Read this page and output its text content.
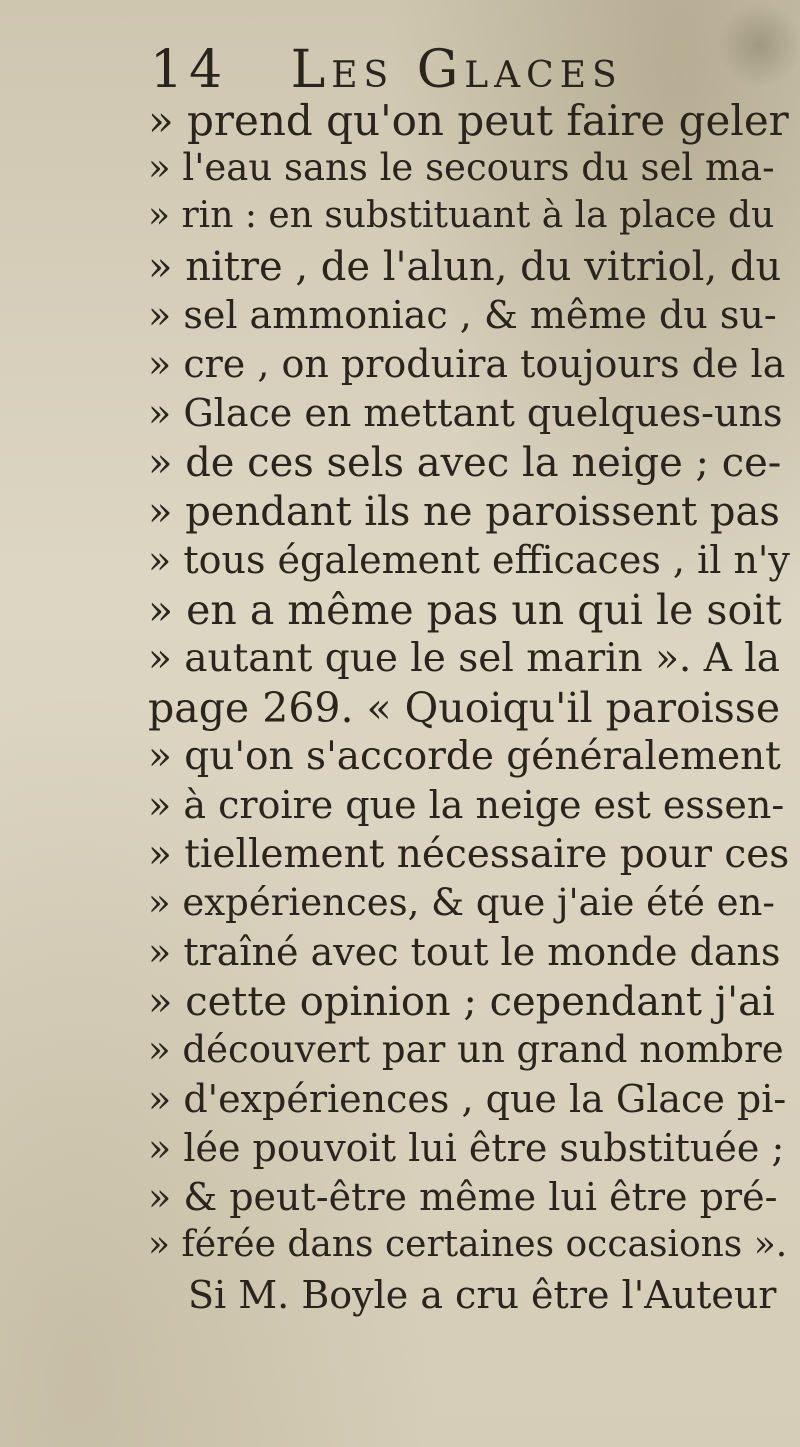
14 Les Glaces
» prend qu'on peut faire geler
» l'eau sans le secours du sel ma-
» rin : en substituant à la place du
» nitre , de l'alun, du vitriol, du
» sel ammoniac , & même du su-
» cre , on produira toujours de la
» Glace en mettant quelques-uns
» de ces sels avec la neige ; ce-
» pendant ils ne paroissent pas
» tous également efficaces , il n'y
» en a même pas un qui le soit
» autant que le sel marin ». A la
page 269. « Quoiqu'il paroisse
» qu'on s'accorde généralement
» à croire que la neige est essen-
» tiellement nécessaire pour ces
» expériences, & que j'aie été en-
» traîné avec tout le monde dans
» cette opinion ; cependant j'ai
» découvert par un grand nombre
» d'expériences , que la Glace pi-
» lée pouvoit lui être substituée ;
» & peut-être même lui être pré-
» férée dans certaines occasions ».
Si M. Boyle a cru être l'Auteur
